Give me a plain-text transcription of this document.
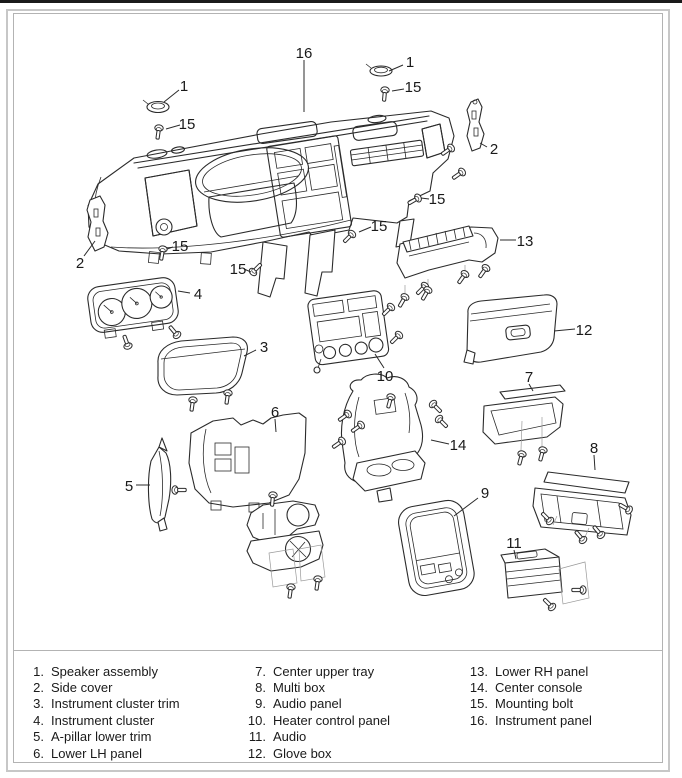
16
1
15
1
15
2
15
15
2
15
15
13
4
3
12
10	7
6
14	8
5	9
11
1. Speaker assembly
2. Side cover
3. Instrument cluster trim
4. Instrument cluster
5. A-pillar lower trim
6. Lower LH panel
7. Center upper tray
8. Multi box
9. Audio panel
10. Heater control panel
11. Audio
12. Glove box
13. Lower RH panel
14. Center console
15. Mounting bolt
16. Instrument panel
